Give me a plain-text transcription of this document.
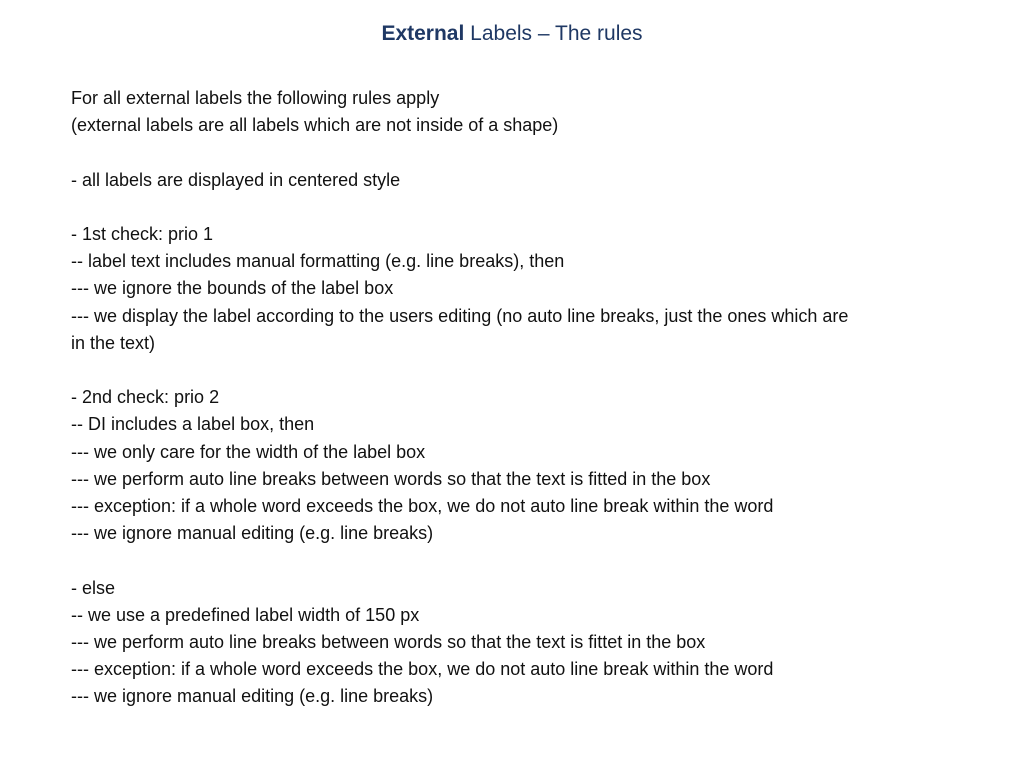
External Labels – The rules
For all external labels the following rules apply
(external labels are all labels which are not inside of a shape)
- all labels are displayed in centered style
- 1st check: prio 1
-- label text includes manual formatting (e.g. line breaks), then
--- we ignore the bounds of the label box
--- we display the label according to the users editing (no auto line breaks, just the ones which are
in the text)
- 2nd check: prio 2
-- DI includes a label box, then
--- we only care for the width of the label box
--- we perform auto line breaks between words so that the text is fitted in the box
--- exception: if a whole word exceeds the box, we do not auto line break within the word
--- we ignore manual editing (e.g. line breaks)
- else
-- we use a predefined label width of 150 px
--- we perform auto line breaks between words so that the text is fittet in the box
--- exception: if a whole word exceeds the box, we do not auto line break within the word
--- we ignore manual editing (e.g. line breaks)
